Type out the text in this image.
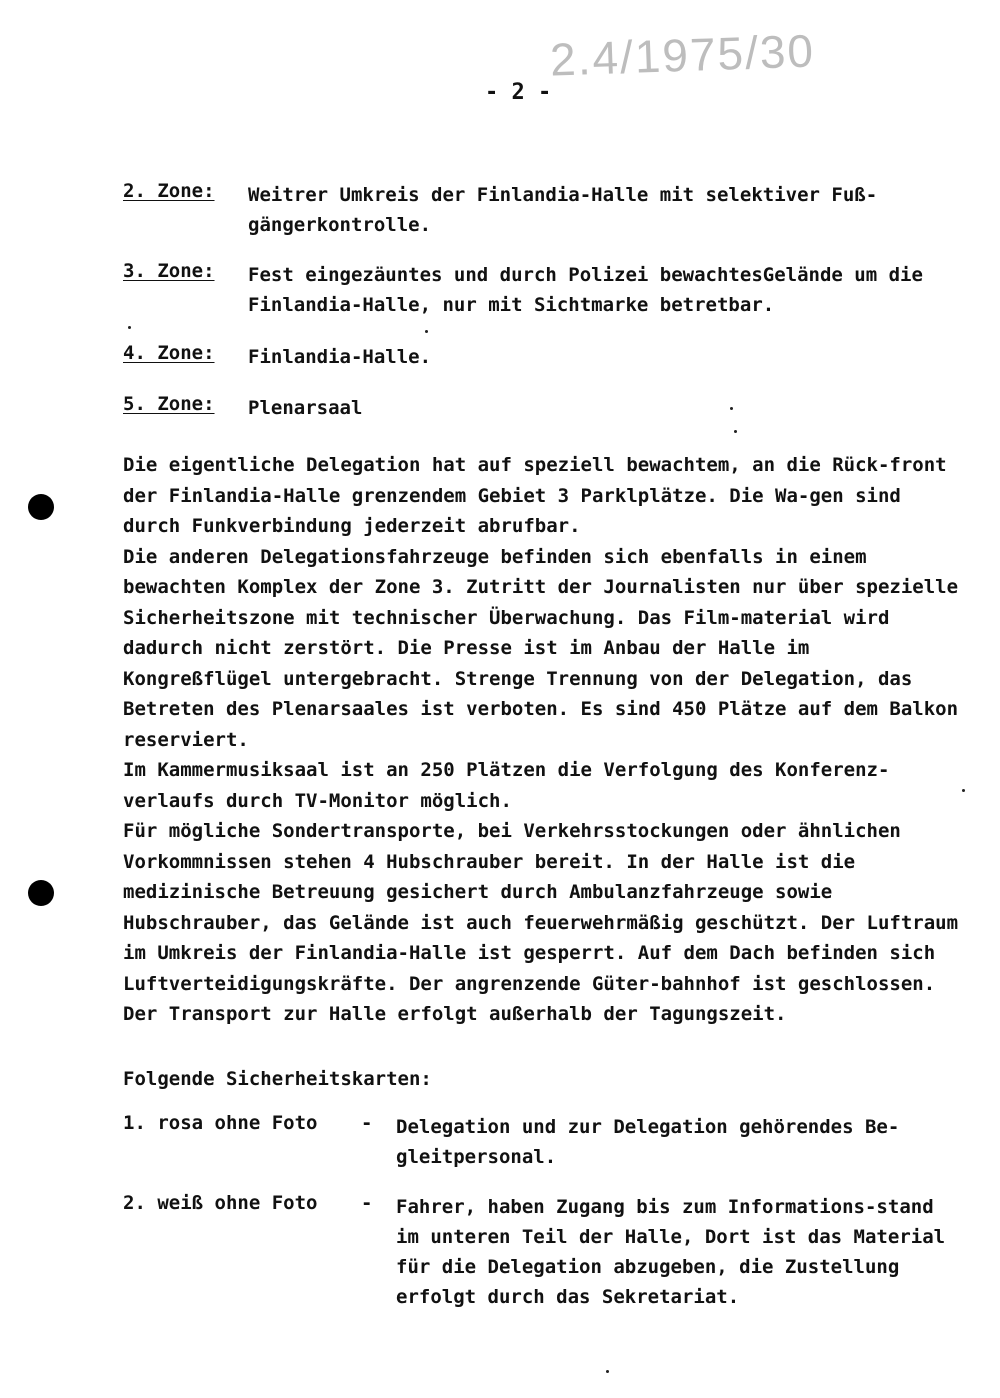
2.4/1975/30
- 2 -
2. Zone:	Weitrer Umkreis der Finlandia-Halle mit selektiver Fuß-gängerkontrolle.
3. Zone:	Fest eingezäuntes und durch Polizei bewachtesGelände um die Finlandia-Halle, nur mit Sichtmarke betretbar.
4. Zone:	Finlandia-Halle.
5. Zone:	Plenarsaal

Die eigentliche Delegation hat auf speziell bewachtem, an die Rück-front der Finlandia-Halle grenzendem Gebiet 3 Parklplätze. Die Wa-gen sind durch Funkverbindung jederzeit abrufbar.

Die anderen Delegationsfahrzeuge befinden sich ebenfalls in einem bewachten Komplex der Zone 3. Zutritt der Journalisten nur über spezielle Sicherheitszone mit technischer Überwachung. Das Film-material wird dadurch nicht zerstört. Die Presse ist im Anbau der Halle im Kongreßflügel untergebracht. Strenge Trennung von der Delegation, das Betreten des Plenarsaales ist verboten. Es sind 450 Plätze auf dem Balkon reserviert.

Im Kammermusiksaal ist an 250 Plätzen die Verfolgung des Konferenz-verlaufs durch TV-Monitor möglich.

Für mögliche Sondertransporte, bei Verkehrsstockungen oder ähnlichen Vorkommnissen stehen 4 Hubschrauber bereit. In der Halle ist die medizinische Betreuung gesichert durch Ambulanzfahrzeuge sowie Hubschrauber, das Gelände ist auch feuerwehrmäßig geschützt. Der Luftraum im Umkreis der Finlandia-Halle ist gesperrt. Auf dem Dach befinden sich Luftverteidigungskräfte. Der angrenzende Güter-bahnhof ist geschlossen. Der Transport zur Halle erfolgt außerhalb der Tagungszeit.

Folgende Sicherheitskarten:
1. rosa ohne Foto	- Delegation und zur Delegation gehörendes Be-gleitpersonal.
2. weiß ohne Foto	- Fahrer, haben Zugang bis zum Informations-stand im unteren Teil der Halle, Dort ist das Material für die Delegation abzugeben, die Zustellung erfolgt durch das Sekretariat.
